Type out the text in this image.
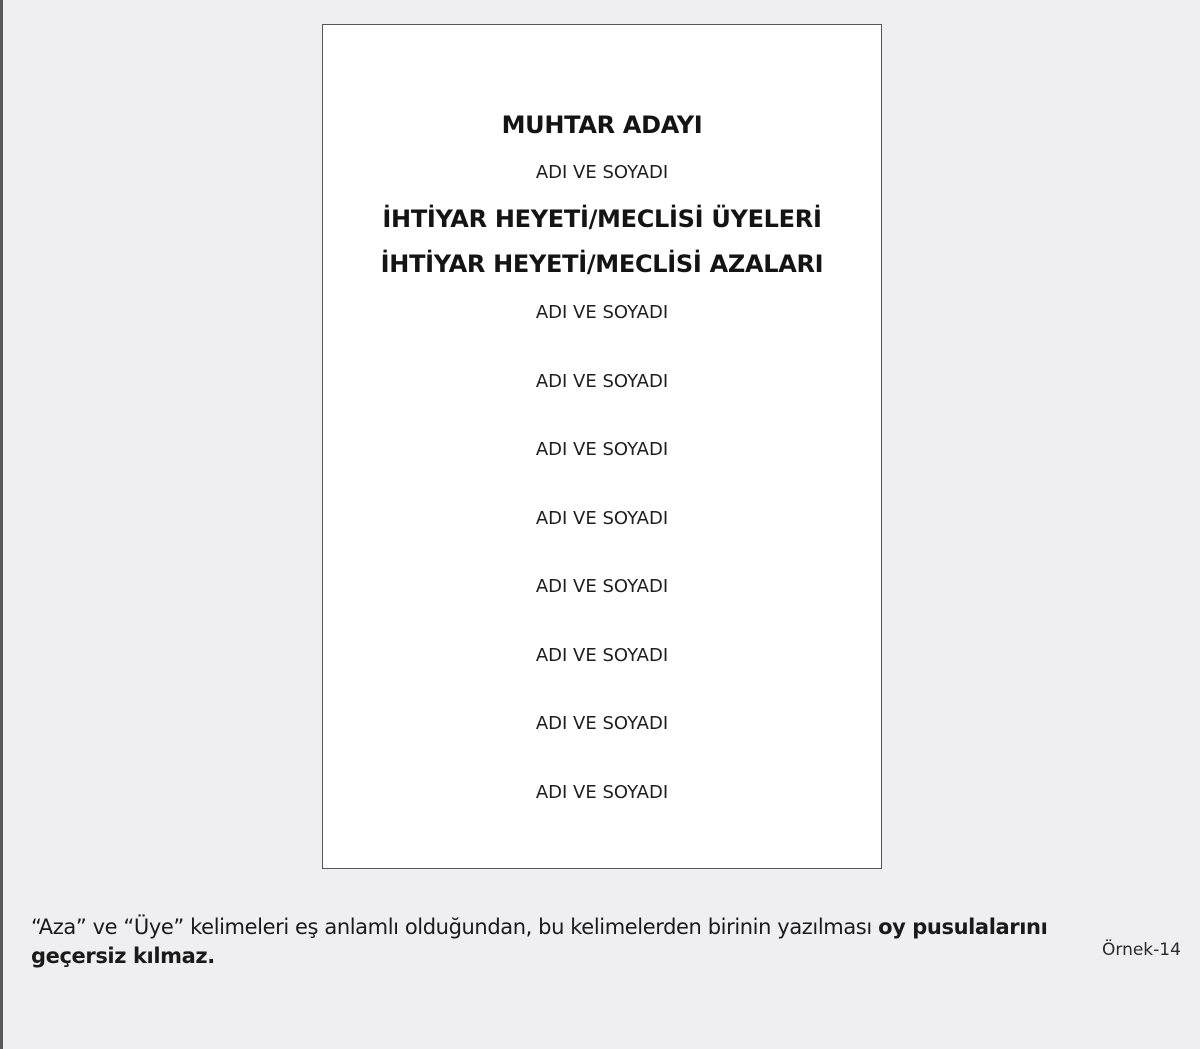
MUHTAR ADAYI
ADI VE SOYADI
İHTİYAR HEYETİ/MECLİSİ ÜYELERİ
İHTİYAR HEYETİ/MECLİSİ AZALARI
ADI VE SOYADI
ADI VE SOYADI
ADI VE SOYADI
ADI VE SOYADI
ADI VE SOYADI
ADI VE SOYADI
ADI VE SOYADI
ADI VE SOYADI
“Aza” ve “Üye” kelimeleri eş anlamlı olduğundan, bu kelimelerden birinin yazılması oy pusulalarını geçersiz kılmaz.	Örnek-14
